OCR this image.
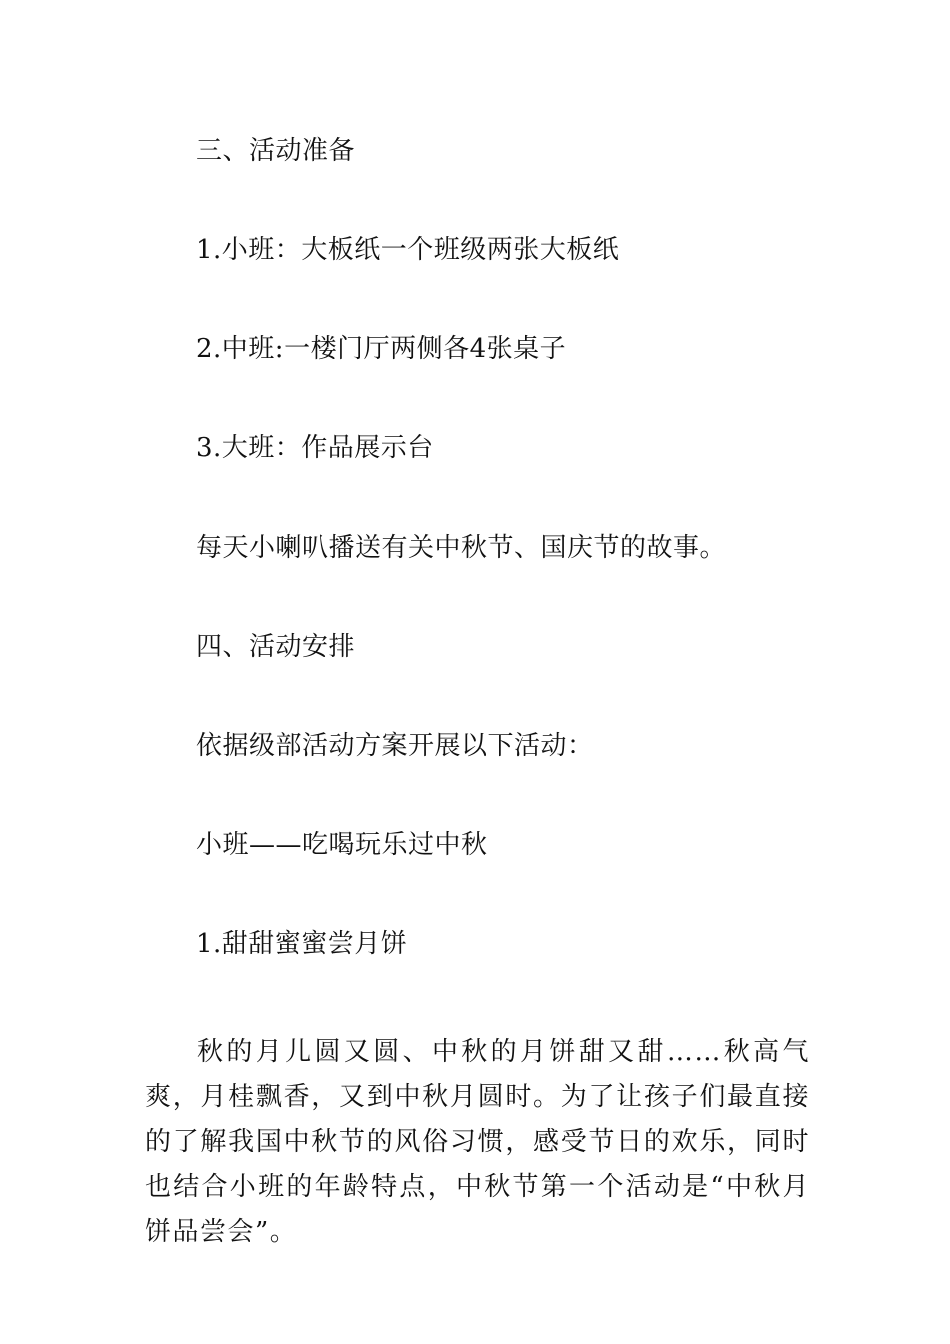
三、活动准备
1.小班：大板纸一个班级两张大板纸
2.中班:一楼门厅两侧各4张桌子
3.大班：作品展示台
每天小喇叭播送有关中秋节、国庆节的故事。
四、活动安排
依据级部活动方案开展以下活动：
小班——吃喝玩乐过中秋
1.甜甜蜜蜜尝月饼
秋的月儿圆又圆、中秋的月饼甜又甜……秋高气爽，月桂飘香，又到中秋月圆时。为了让孩子们最直接的了解我国中秋节的风俗习惯，感受节日的欢乐，同时也结合小班的年龄特点，中秋节第一个活动是“中秋月饼品尝会”。
